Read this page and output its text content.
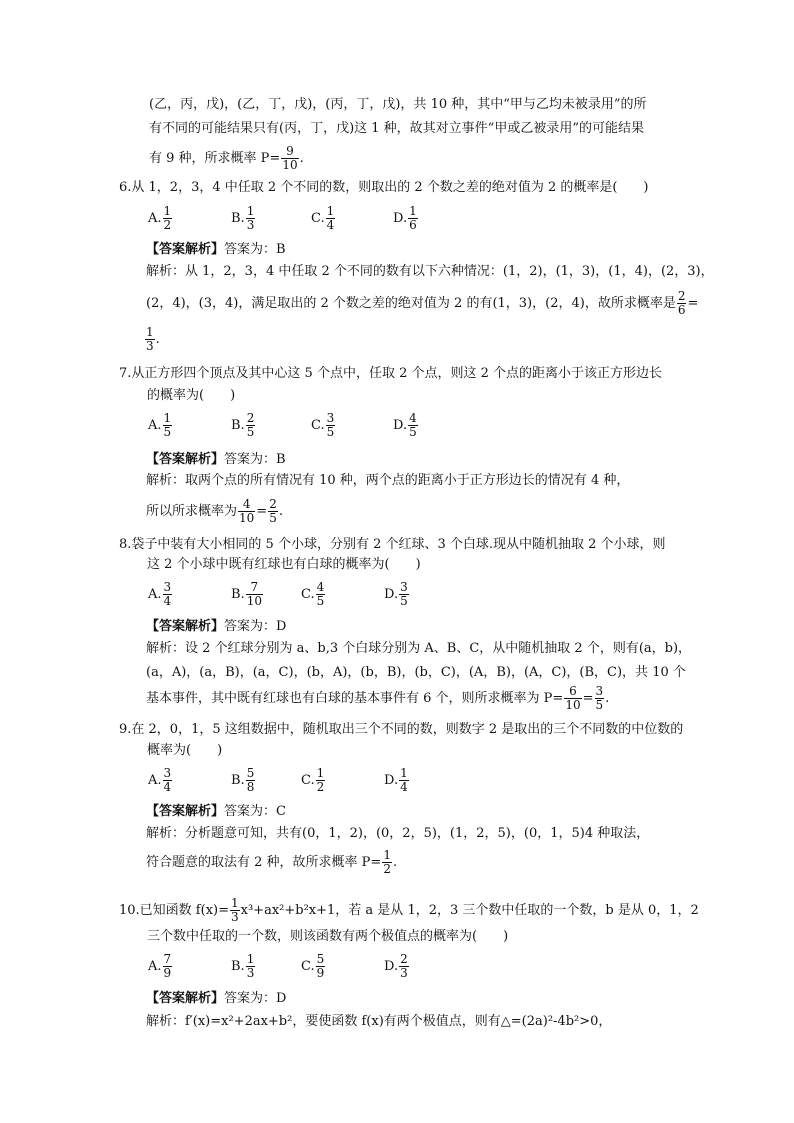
(乙，丙，戊)，(乙，丁，戊)，(丙，丁，戊)，共 10 种，其中“甲与乙均未被录用”的所
有不同的可能结果只有(丙，丁，戊)这 1 种，故其对立事件“甲或乙被录用”的可能结果
有 9 种，所求概率 $P= \frac{9}{10}$ .
6.从 1，2，3，4 中任取 2 个不同的数，则取出的 2 个数之差的绝对值为 2 的概率是(　　)
A. $\frac{1}{2}$	B. $\frac{1}{3}$	C. $\frac{1}{4}$	D. $\frac{1}{6}$
【答案解析】答案为：B
解析：从 1，2，3，4 中任取 2 个不同的数有以下六种情况：(1，2)，(1，3)，(1，4)，(2，3)，
(2，4)，(3，4)，满足取出的 2 个数之差的绝对值为 2 的有(1，3)，(2，4)，故所求概率是 $\frac{2}{6}$ =
$\frac{1}{3}$ .
7.从正方形四个顶点及其中心这 5 个点中，任取 2 个点，则这 2 个点的距离小于该正方形边长
的概率为(　　)
A. $\frac{1}{5}$	B. $\frac{2}{5}$	C. $\frac{3}{5}$	D. $\frac{4}{5}$
【答案解析】答案为：B
解析：取两个点的所有情况有 10 种，两个点的距离小于正方形边长的情况有 4 种，
所以所求概率为 $\frac{4}{10} = \frac{2}{5}$ .
8.袋子中装有大小相同的 5 个小球，分别有 2 个红球、3 个白球.现从中随机抽取 2 个小球，则
这 2 个小球中既有红球也有白球的概率为(　　)
A. $\frac{3}{4}$	B. $\frac{7}{10}$	C. $\frac{4}{5}$	D. $\frac{3}{5}$
【答案解析】答案为：D
解析：设 2 个红球分别为 a、b,3 个白球分别为 A、B、C，从中随机抽取 2 个，则有(a，b)，
(a，A)，(a，B)，(a，C)，(b，A)，(b，B)，(b，C)，(A，B)，(A，C)，(B，C)，共 10 个
基本事件，其中既有红球也有白球的基本事件有 6 个，则所求概率为 $P= \frac{6}{10} = \frac{3}{5}$ .
9.在 2，0，1，5 这组数据中，随机取出三个不同的数，则数字 2 是取出的三个不同数的中位数的
概率为(　　)
A. $\frac{3}{4}$	B. $\frac{5}{8}$	C. $\frac{1}{2}$	D. $\frac{1}{4}$
【答案解析】答案为：C
解析：分析题意可知，共有(0，1，2)，(0，2，5)，(1，2，5)，(0，1，5)4 种取法，
符合题意的取法有 2 种，故所求概率 $P= \frac{1}{2}$ .
10.已知函数 $f(x)= \frac{1}{3} x^3+ax^2+b^2x+1$，若 a 是从 1，2，3 三个数中任取的一个数，b 是从 0，1，2
三个数中任取的一个数，则该函数有两个极值点的概率为(　　)
A. $\frac{7}{9}$	B. $\frac{1}{3}$	C. $\frac{5}{9}$	D. $\frac{2}{3}$
【答案解析】答案为：D
解析：f′(x)=x²+2ax+b²，要使函数 f(x)有两个极值点，则有△=(2a)²-4b²>0，
